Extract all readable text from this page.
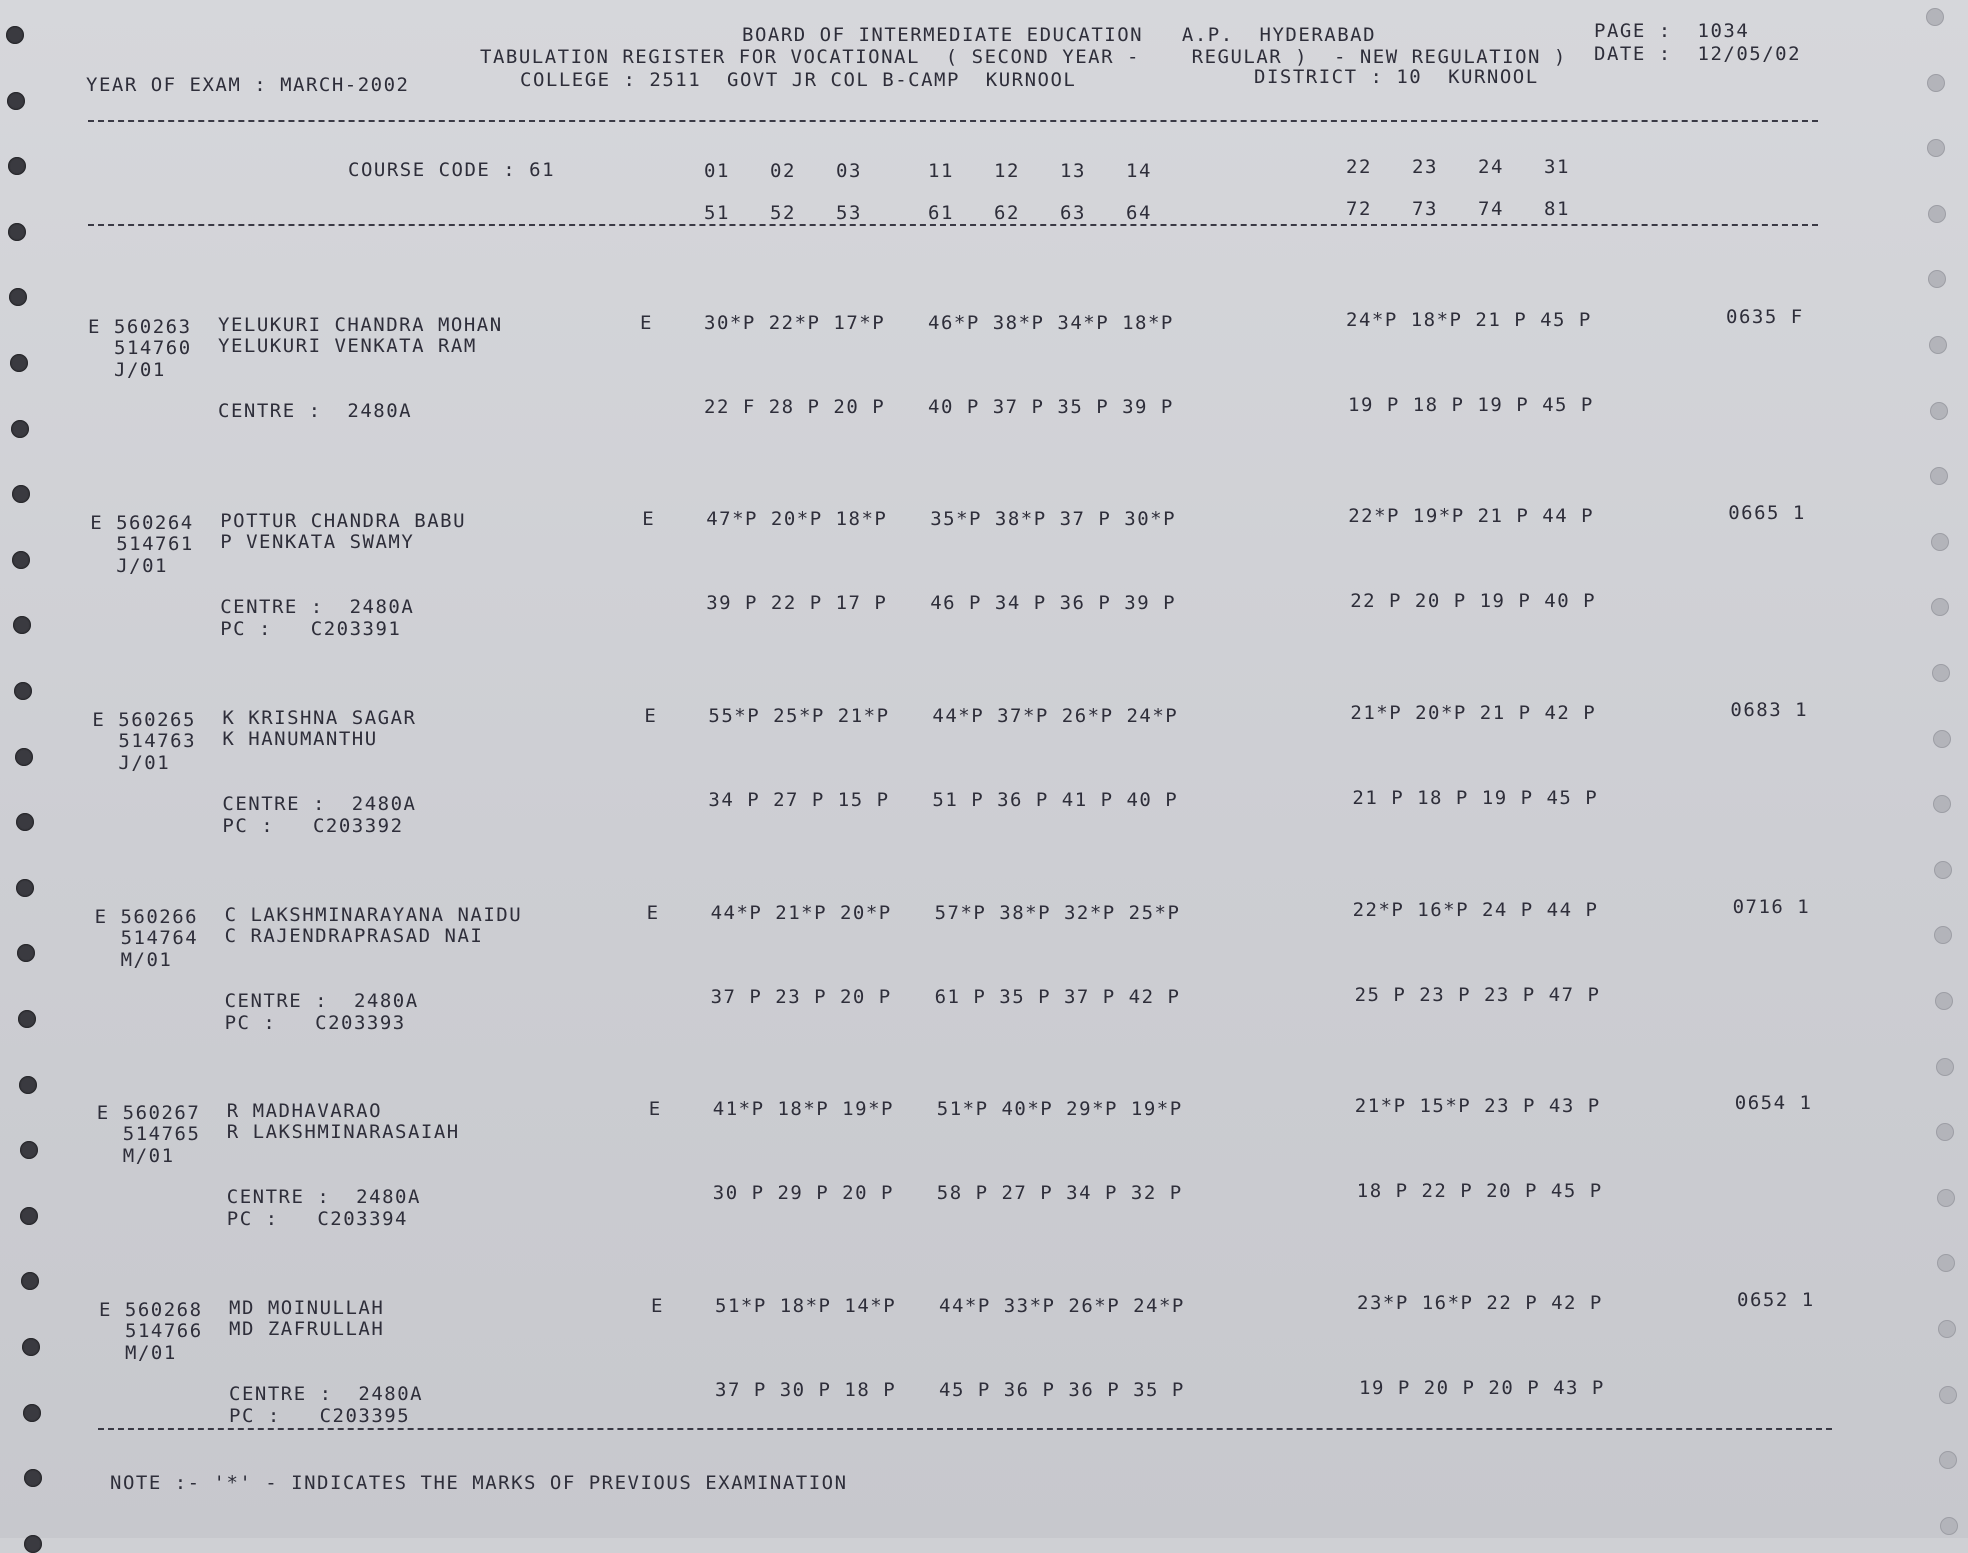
BOARD OF INTERMEDIATE EDUCATION   A.P.  HYDERABAD	PAGE :  1034
TABULATION REGISTER FOR VOCATIONAL  ( SECOND YEAR -    REGULAR )  - NEW REGULATION ) DATE :  12/05/02
YEAR OF EXAM : MARCH-2002	COLLEGE : 2511  GOVT JR COL B-CAMP  KURNOOL	DISTRICT : 10  KURNOOL
COURSE CODE : 61	01 02 03	11 12 13 14	22 23 24 31
51 52 53	61 62 63 64	72 73 74 81
E 560263
514760
J/01
YELUKURI CHANDRA MOHAN
YELUKURI VENKATA RAM
E	30*P 22*P 17*P 46*P 38*P 34*P 18*P	24*P 18*P 21 P 45 P	0635 F
CENTRE :  2480A	22 F 28 P 20 P 40 P 37 P 35 P 39 P	19 P 18 P 19 P 45 P
E 560264
514761
J/01
POTTUR CHANDRA BABU
P VENKATA SWAMY
E	47*P 20*P 18*P 35*P 38*P 37 P 30*P	22*P 19*P 21 P 44 P	0665 1
CENTRE :  2480A
PC :   C203391
39 P 22 P 17 P 46 P 34 P 36 P 39 P	22 P 20 P 19 P 40 P
E 560265
514763
J/01
K KRISHNA SAGAR
K HANUMANTHU
E	55*P 25*P 21*P 44*P 37*P 26*P 24*P	21*P 20*P 21 P 42 P	0683 1
CENTRE :  2480A
PC :   C203392
34 P 27 P 15 P 51 P 36 P 41 P 40 P	21 P 18 P 19 P 45 P
E 560266
514764
M/01
C LAKSHMINARAYANA NAIDU
C RAJENDRAPRASAD NAI
E	44*P 21*P 20*P 57*P 38*P 32*P 25*P	22*P 16*P 24 P 44 P	0716 1
CENTRE :  2480A
PC :   C203393
37 P 23 P 20 P 61 P 35 P 37 P 42 P	25 P 23 P 23 P 47 P
E 560267
514765
M/01
R MADHAVARAO
R LAKSHMINARASAIAH
E	41*P 18*P 19*P 51*P 40*P 29*P 19*P	21*P 15*P 23 P 43 P	0654 1
CENTRE :  2480A
PC :   C203394
30 P 29 P 20 P 58 P 27 P 34 P 32 P	18 P 22 P 20 P 45 P
E 560268
514766
M/01
MD MOINULLAH
MD ZAFRULLAH
E	51*P 18*P 14*P 44*P 33*P 26*P 24*P	23*P 16*P 22 P 42 P	0652 1
CENTRE :  2480A
PC :   C203395
37 P 30 P 18 P 45 P 36 P 36 P 35 P	19 P 20 P 20 P 43 P
NOTE :- '*' - INDICATES THE MARKS OF PREVIOUS EXAMINATION
